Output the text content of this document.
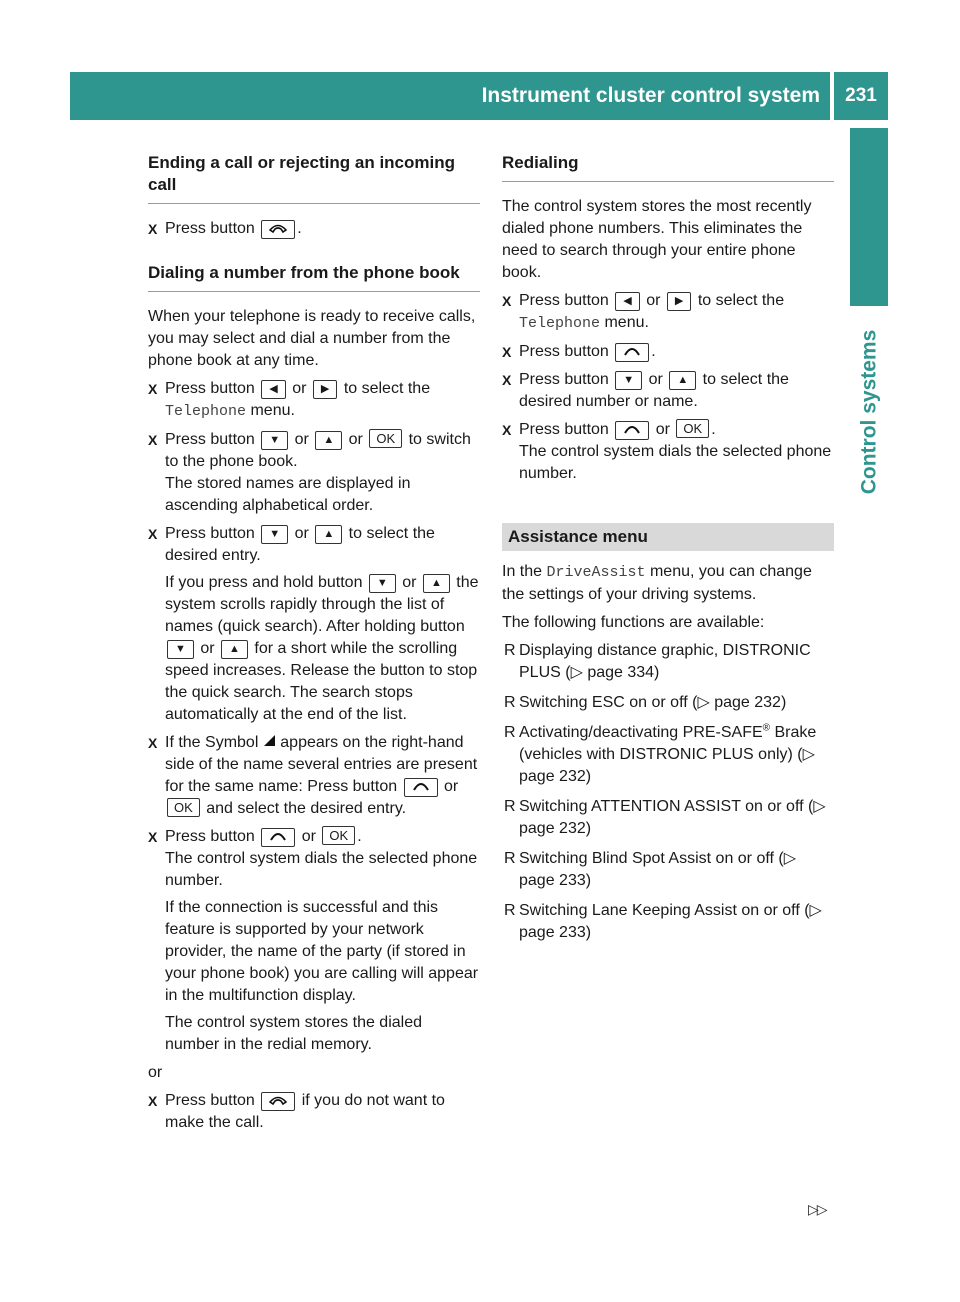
Instrument cluster control system	231
Control systems
Ending a call or rejecting an incoming call
X Press button	.
Dialing a number from the phone book

When your telephone is ready to receive calls, you may select and dial a number from the phone book at any time.

X Press button ◀ or ▶ to select the Telephone menu.
X Press button ▼ or ▲ or OK to switch to the phone book.
The stored names are displayed in ascending alphabetical order.
X Press button ▼ or ▲ to select the desired entry.
If you press and hold button ▼ or ▲ the system scrolls rapidly through the list of names (quick search). After holding button ▼ or ▲ for a short while the scrolling speed increases. Release the button to stop the quick search. The search stops automatically at the end of the list.
X If the Symbol appears on the right-hand side of the name several entries are present for the same name: Press button	or OK and select the desired entry.
X Press button	or OK .
The control system dials the selected phone number.
If the connection is successful and this feature is supported by your network provider, the name of the party (if stored in your phone book) you are calling will appear in the multifunction display.
The control system stores the dialed number in the redial memory.

or

X Press button	if you do not want to make the call.
Redialing

The control system stores the most recently dialed phone numbers. This eliminates the need to search through your entire phone book.

X Press button ◀ or ▶ to select the Telephone menu.
X Press button	.
X Press button ▼ or ▲ to select the desired number or name.
X Press button	or OK .
The control system dials the selected phone number.
Assistance menu

In the DriveAssist menu, you can change the settings of your driving systems.

The following functions are available:

R Displaying distance graphic, DISTRONIC PLUS (▷ page 334)
R Switching ESC on or off (▷ page 232)
R Activating/deactivating PRE-SAFE® Brake (vehicles with DISTRONIC PLUS only) (▷ page 232)
R Switching ATTENTION ASSIST on or off (▷ page 232)
R Switching Blind Spot Assist on or off (▷ page 233)
R Switching Lane Keeping Assist on or off (▷ page 233)
▷▷
